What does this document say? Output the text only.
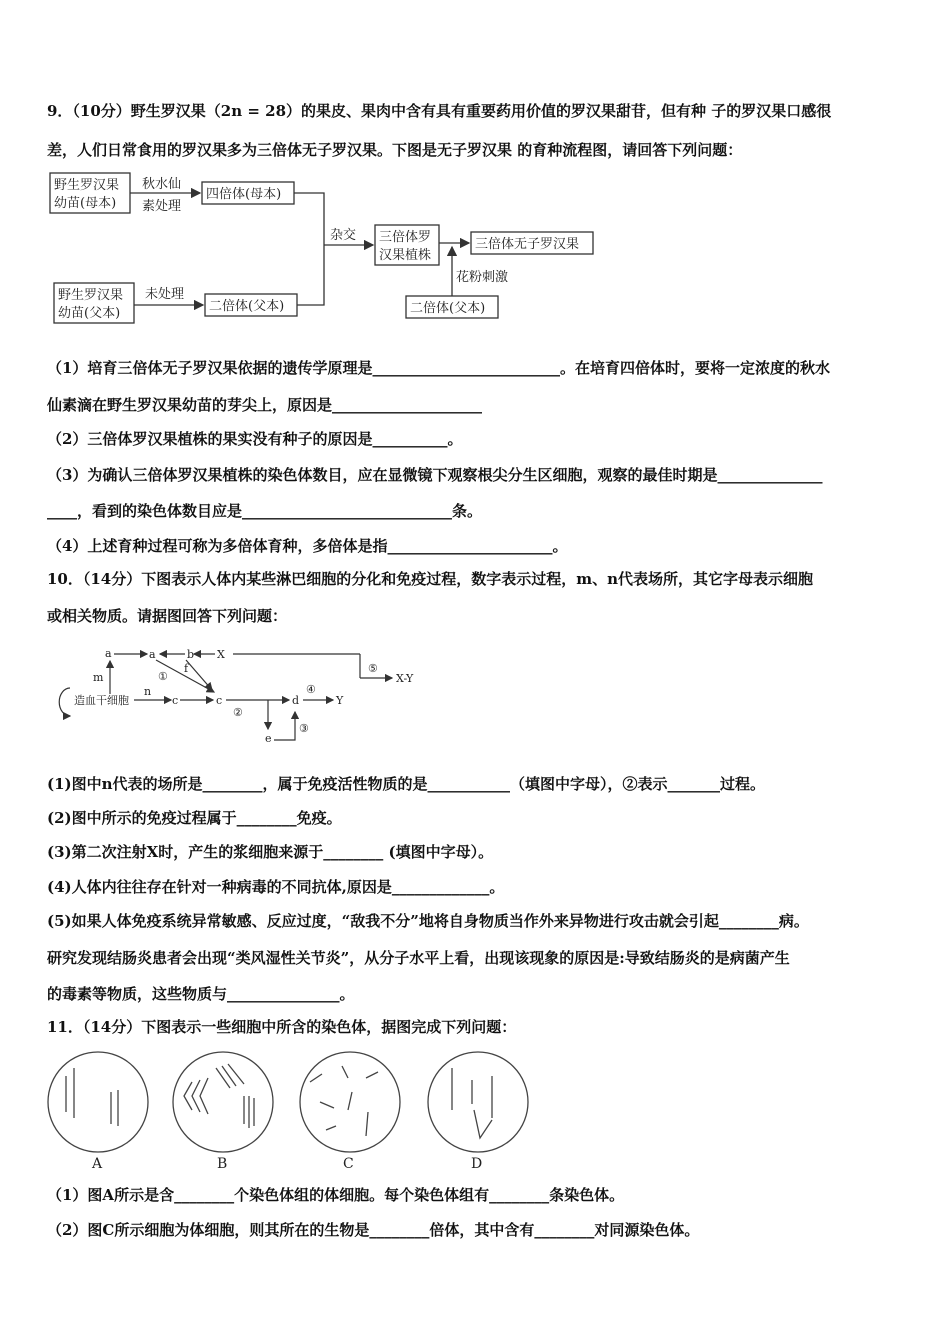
9．（10分）野生罗汉果（2n = 28）的果皮、果肉中含有具有重要药用价值的罗汉果甜苷，但有种 子的罗汉果口感很
差，人们日常食用的罗汉果多为三倍体无子罗汉果。下图是无子罗汉果 的育种流程图，请回答下列问题：
野生罗汉果
幼苗(母本)
秋水仙
素处理
四倍体(母本)
野生罗汉果
幼苗(父本)
未处理
二倍体(父本)
杂交 三倍体罗
汉果植株
三倍体无子罗汉果
花粉刺激
二倍体(父本)
（1）培育三倍体无子罗汉果依据的遗传学原理是_________________________。在培育四倍体时，要将一定浓度的秋水
仙素滴在野生罗汉果幼苗的芽尖上，原因是____________________
（2）三倍体罗汉果植株的果实没有种子的原因是__________。
（3）为确认三倍体罗汉果植株的染色体数目，应在显微镜下观察根尖分生区细胞，观察的最佳时期是______________
____，看到的染色体数目应是____________________________条。
（4）上述育种过程可称为多倍体育种，多倍体是指______________________。
10．（14分）下图表示人体内某些淋巴细胞的分化和免疫过程，数字表示过程，m、n代表场所，其它字母表示细胞
或相关物质。请据图回答下列问题：
a	a	b X
m
f
①
n
c	c
②
d
④
Y
⑤
X-Y
e
③
造血干细胞
(1)图中n代表的场所是________，属于免疫活性物质的是___________（填图中字母），②表示_______过程。
(2)图中所示的免疫过程属于________免疫。
(3)第二次注射X时，产生的浆细胞来源于________ (填图中字母）。
(4)人体内往往存在针对一种病毒的不同抗体,原因是_____________。
(5)如果人体免疫系统异常敏感、反应过度，“敌我不分”地将自身物质当作外来异物进行攻击就会引起________病。
研究发现结肠炎患者会出现“类风湿性关节炎”，从分子水平上看，出现该现象的原因是:导致结肠炎的是病菌产生
的毒素等物质，这些物质与_______________。
11．（14分）下图表示一些细胞中所含的染色体，据图完成下列问题：
A	B	C	D
（1）图A所示是含________个染色体组的体细胞。每个染色体组有________条染色体。
（2）图C所示细胞为体细胞，则其所在的生物是________倍体，其中含有________对同源染色体。
